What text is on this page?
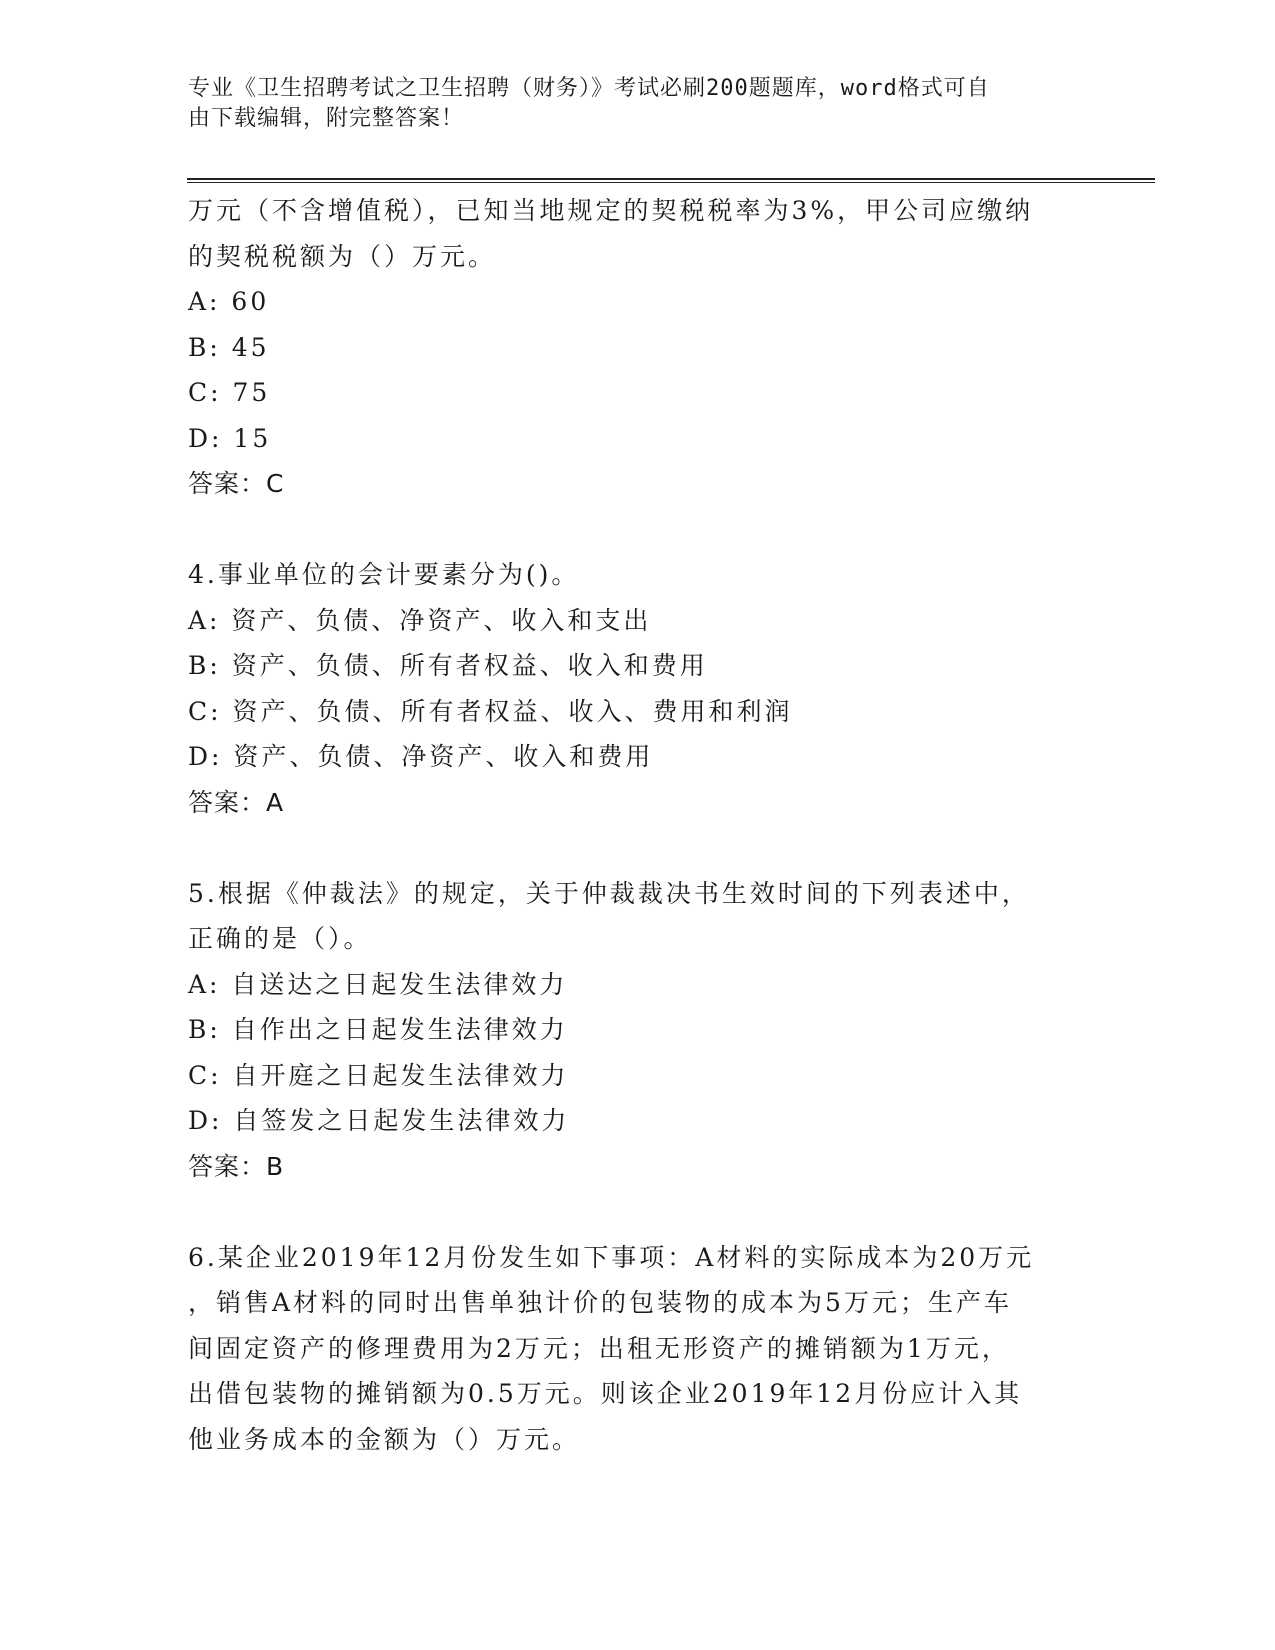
专业《卫生招聘考试之卫生招聘（财务）》考试必刷200题题库，word格式可自
由下载编辑，附完整答案！
万元（不含增值税），已知当地规定的契税税率为3%，甲公司应缴纳
的契税税额为（）万元。
A: 60
B: 45
C: 75
D: 15
答案：C
4.事业单位的会计要素分为()。
A: 资产、负债、净资产、收入和支出
B: 资产、负债、所有者权益、收入和费用
C: 资产、负债、所有者权益、收入、费用和利润
D: 资产、负债、净资产、收入和费用
答案：A
5.根据《仲裁法》的规定，关于仲裁裁决书生效时间的下列表述中，
正确的是（）。
A: 自送达之日起发生法律效力
B: 自作出之日起发生法律效力
C: 自开庭之日起发生法律效力
D: 自签发之日起发生法律效力
答案：B
6.某企业2019年12月份发生如下事项：A材料的实际成本为20万元
，销售A材料的同时出售单独计价的包装物的成本为5万元；生产车
间固定资产的修理费用为2万元；出租无形资产的摊销额为1万元，
出借包装物的摊销额为0.5万元。则该企业2019年12月份应计入其
他业务成本的金额为（）万元。
